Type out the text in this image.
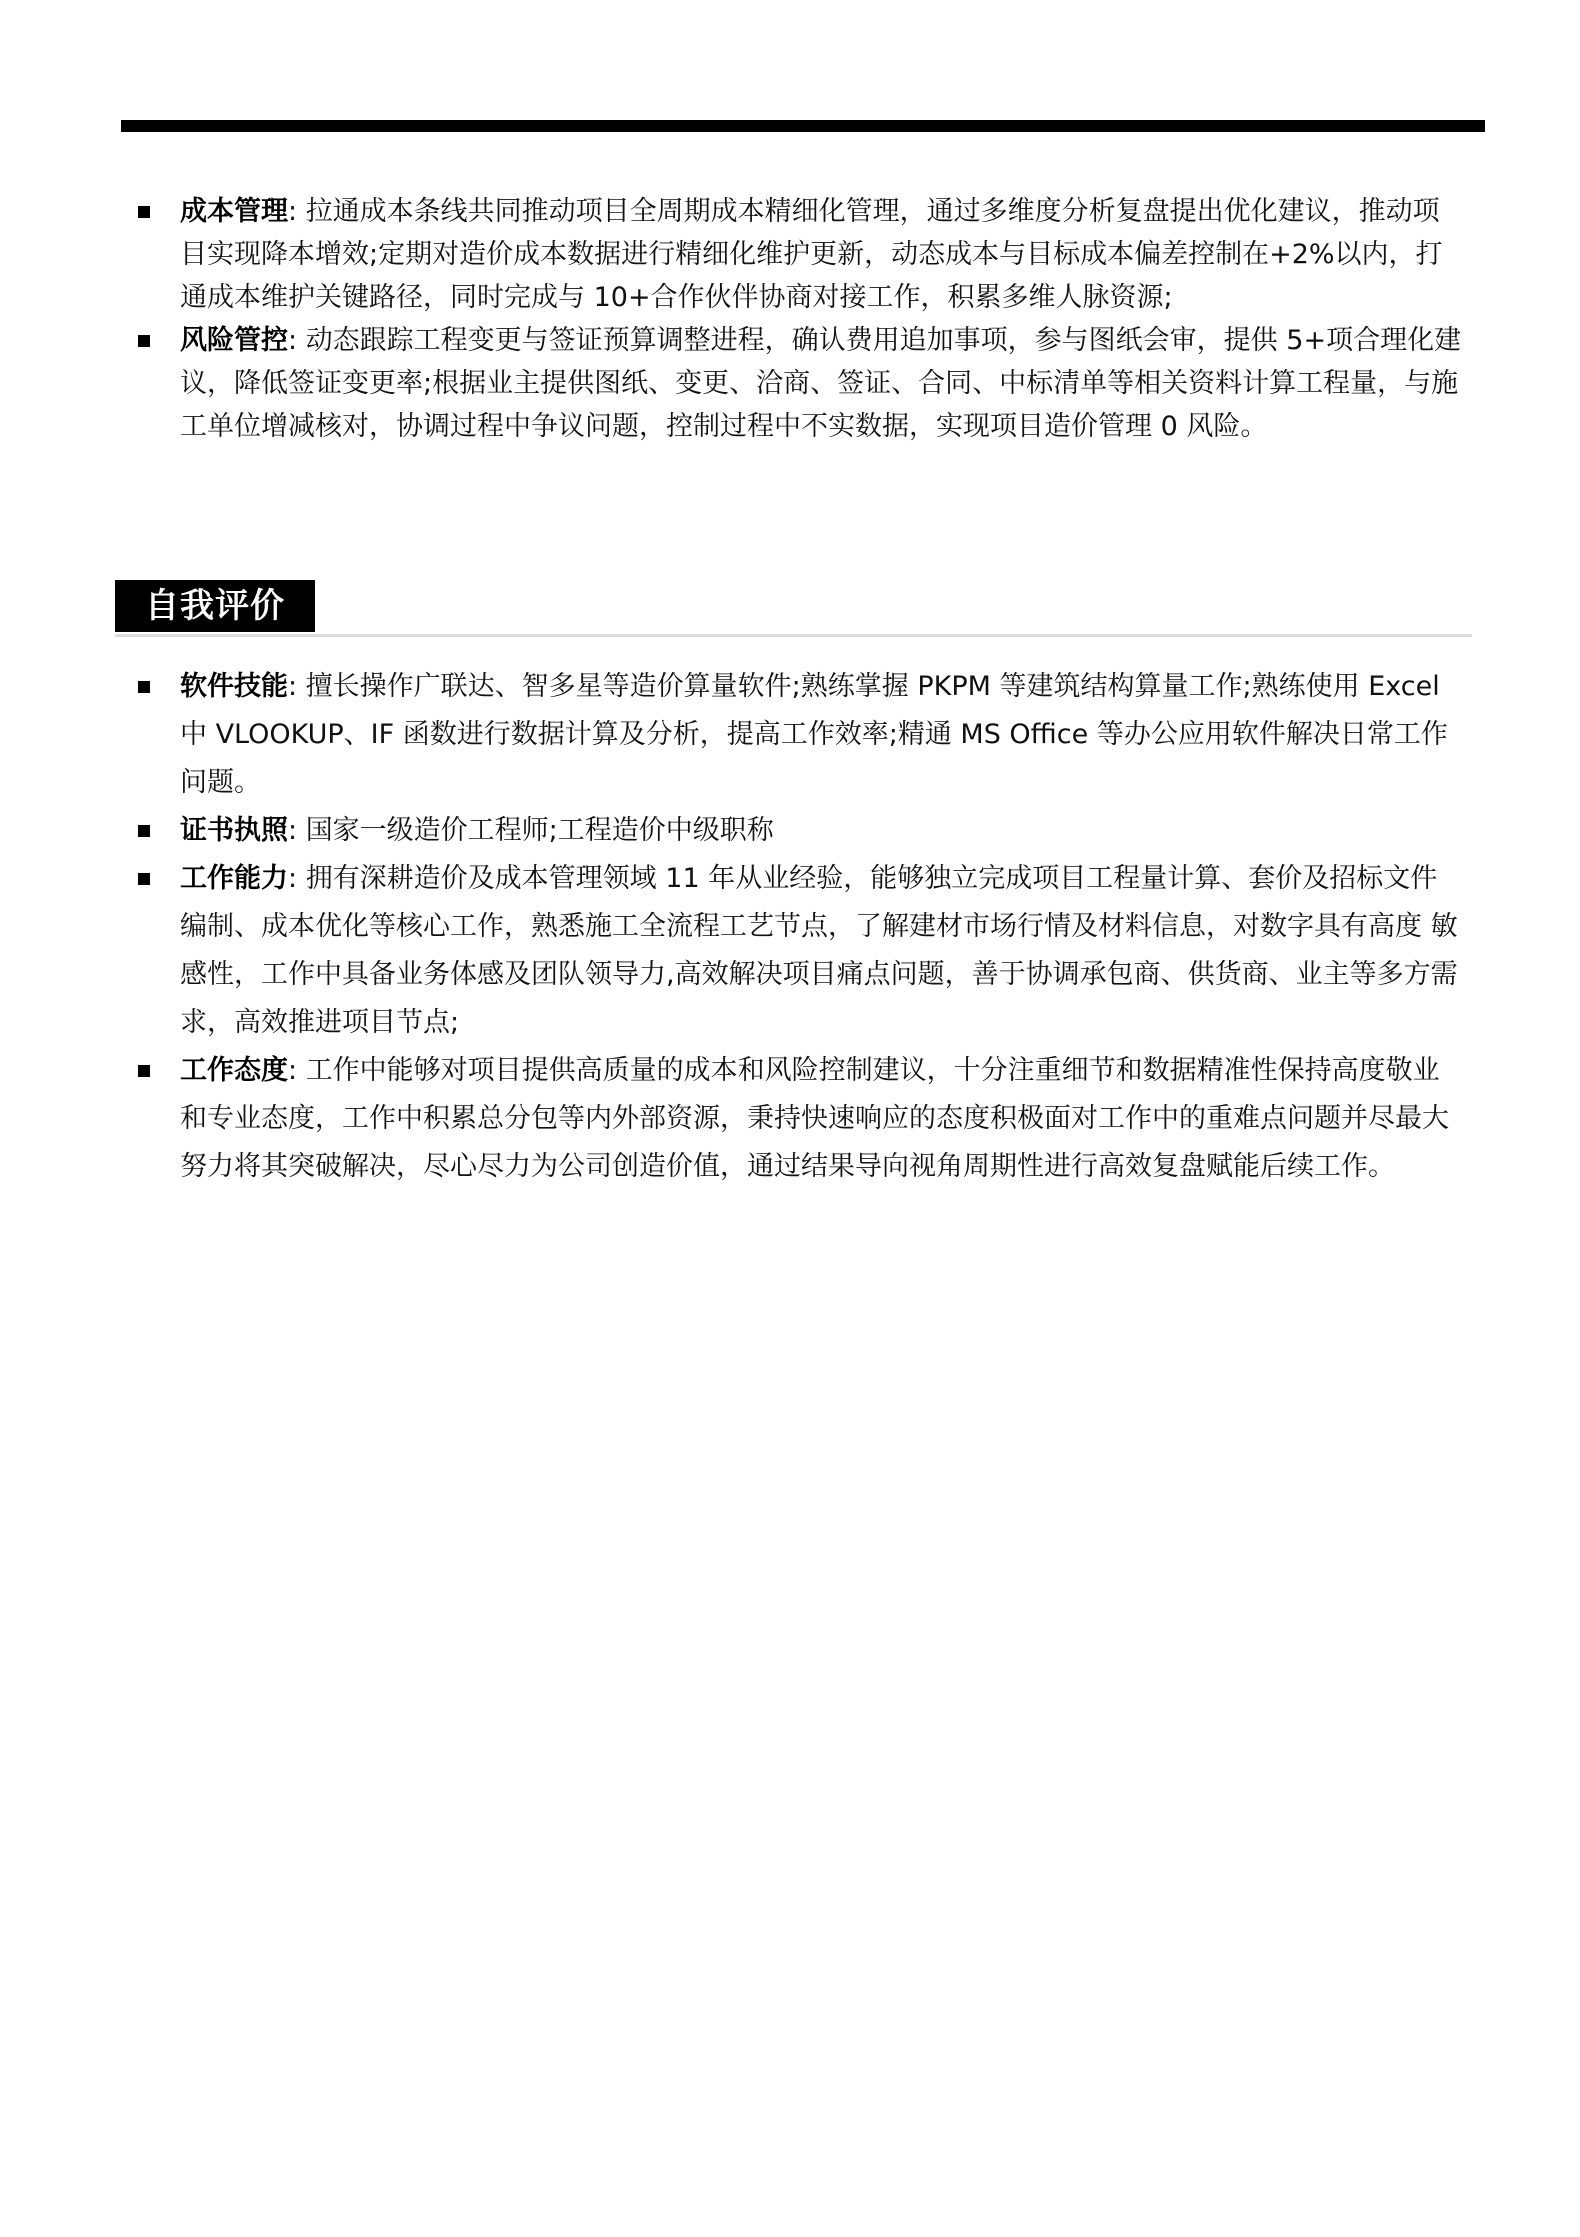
成本管理: 拉通成本条线共同推动项目全周期成本精细化管理，通过多维度分析复盘提出优化建议，推动项目实现降本增效;定期对造价成本数据进行精细化维护更新，动态成本与目标成本偏差控制在+2%以内，打通成本维护关键路径，同时完成与 10+合作伙伴协商对接工作，积累多维人脉资源;
风险管控: 动态跟踪工程变更与签证预算调整进程，确认费用追加事项，参与图纸会审，提供 5+项合理化建议，降低签证变更率;根据业主提供图纸、变更、洽商、签证、合同、中标清单等相关资料计算工程量，与施工单位增减核对，协调过程中争议问题，控制过程中不实数据，实现项目造价管理 0 风险。
自我评价
软件技能: 擅长操作广联达、智多星等造价算量软件;熟练掌握 PKPM 等建筑结构算量工作;熟练使用 Excel 中 VLOOKUP、IF 函数进行数据计算及分析，提高工作效率;精通 MS Office 等办公应用软件解决日常工作问题。
证书执照: 国家一级造价工程师;工程造价中级职称
工作能力: 拥有深耕造价及成本管理领域 11 年从业经验，能够独立完成项目工程量计算、套价及招标文件编制、成本优化等核心工作，熟悉施工全流程工艺节点，了解建材市场行情及材料信息，对数字具有高度 敏感性，工作中具备业务体感及团队领导力,高效解决项目痛点问题，善于协调承包商、供货商、业主等多方需求，高效推进项目节点;
工作态度: 工作中能够对项目提供高质量的成本和风险控制建议，十分注重细节和数据精准性保持高度敬业和专业态度，工作中积累总分包等内外部资源，秉持快速响应的态度积极面对工作中的重难点问题并尽最大努力将其突破解决，尽心尽力为公司创造价值，通过结果导向视角周期性进行高效复盘赋能后续工作。
